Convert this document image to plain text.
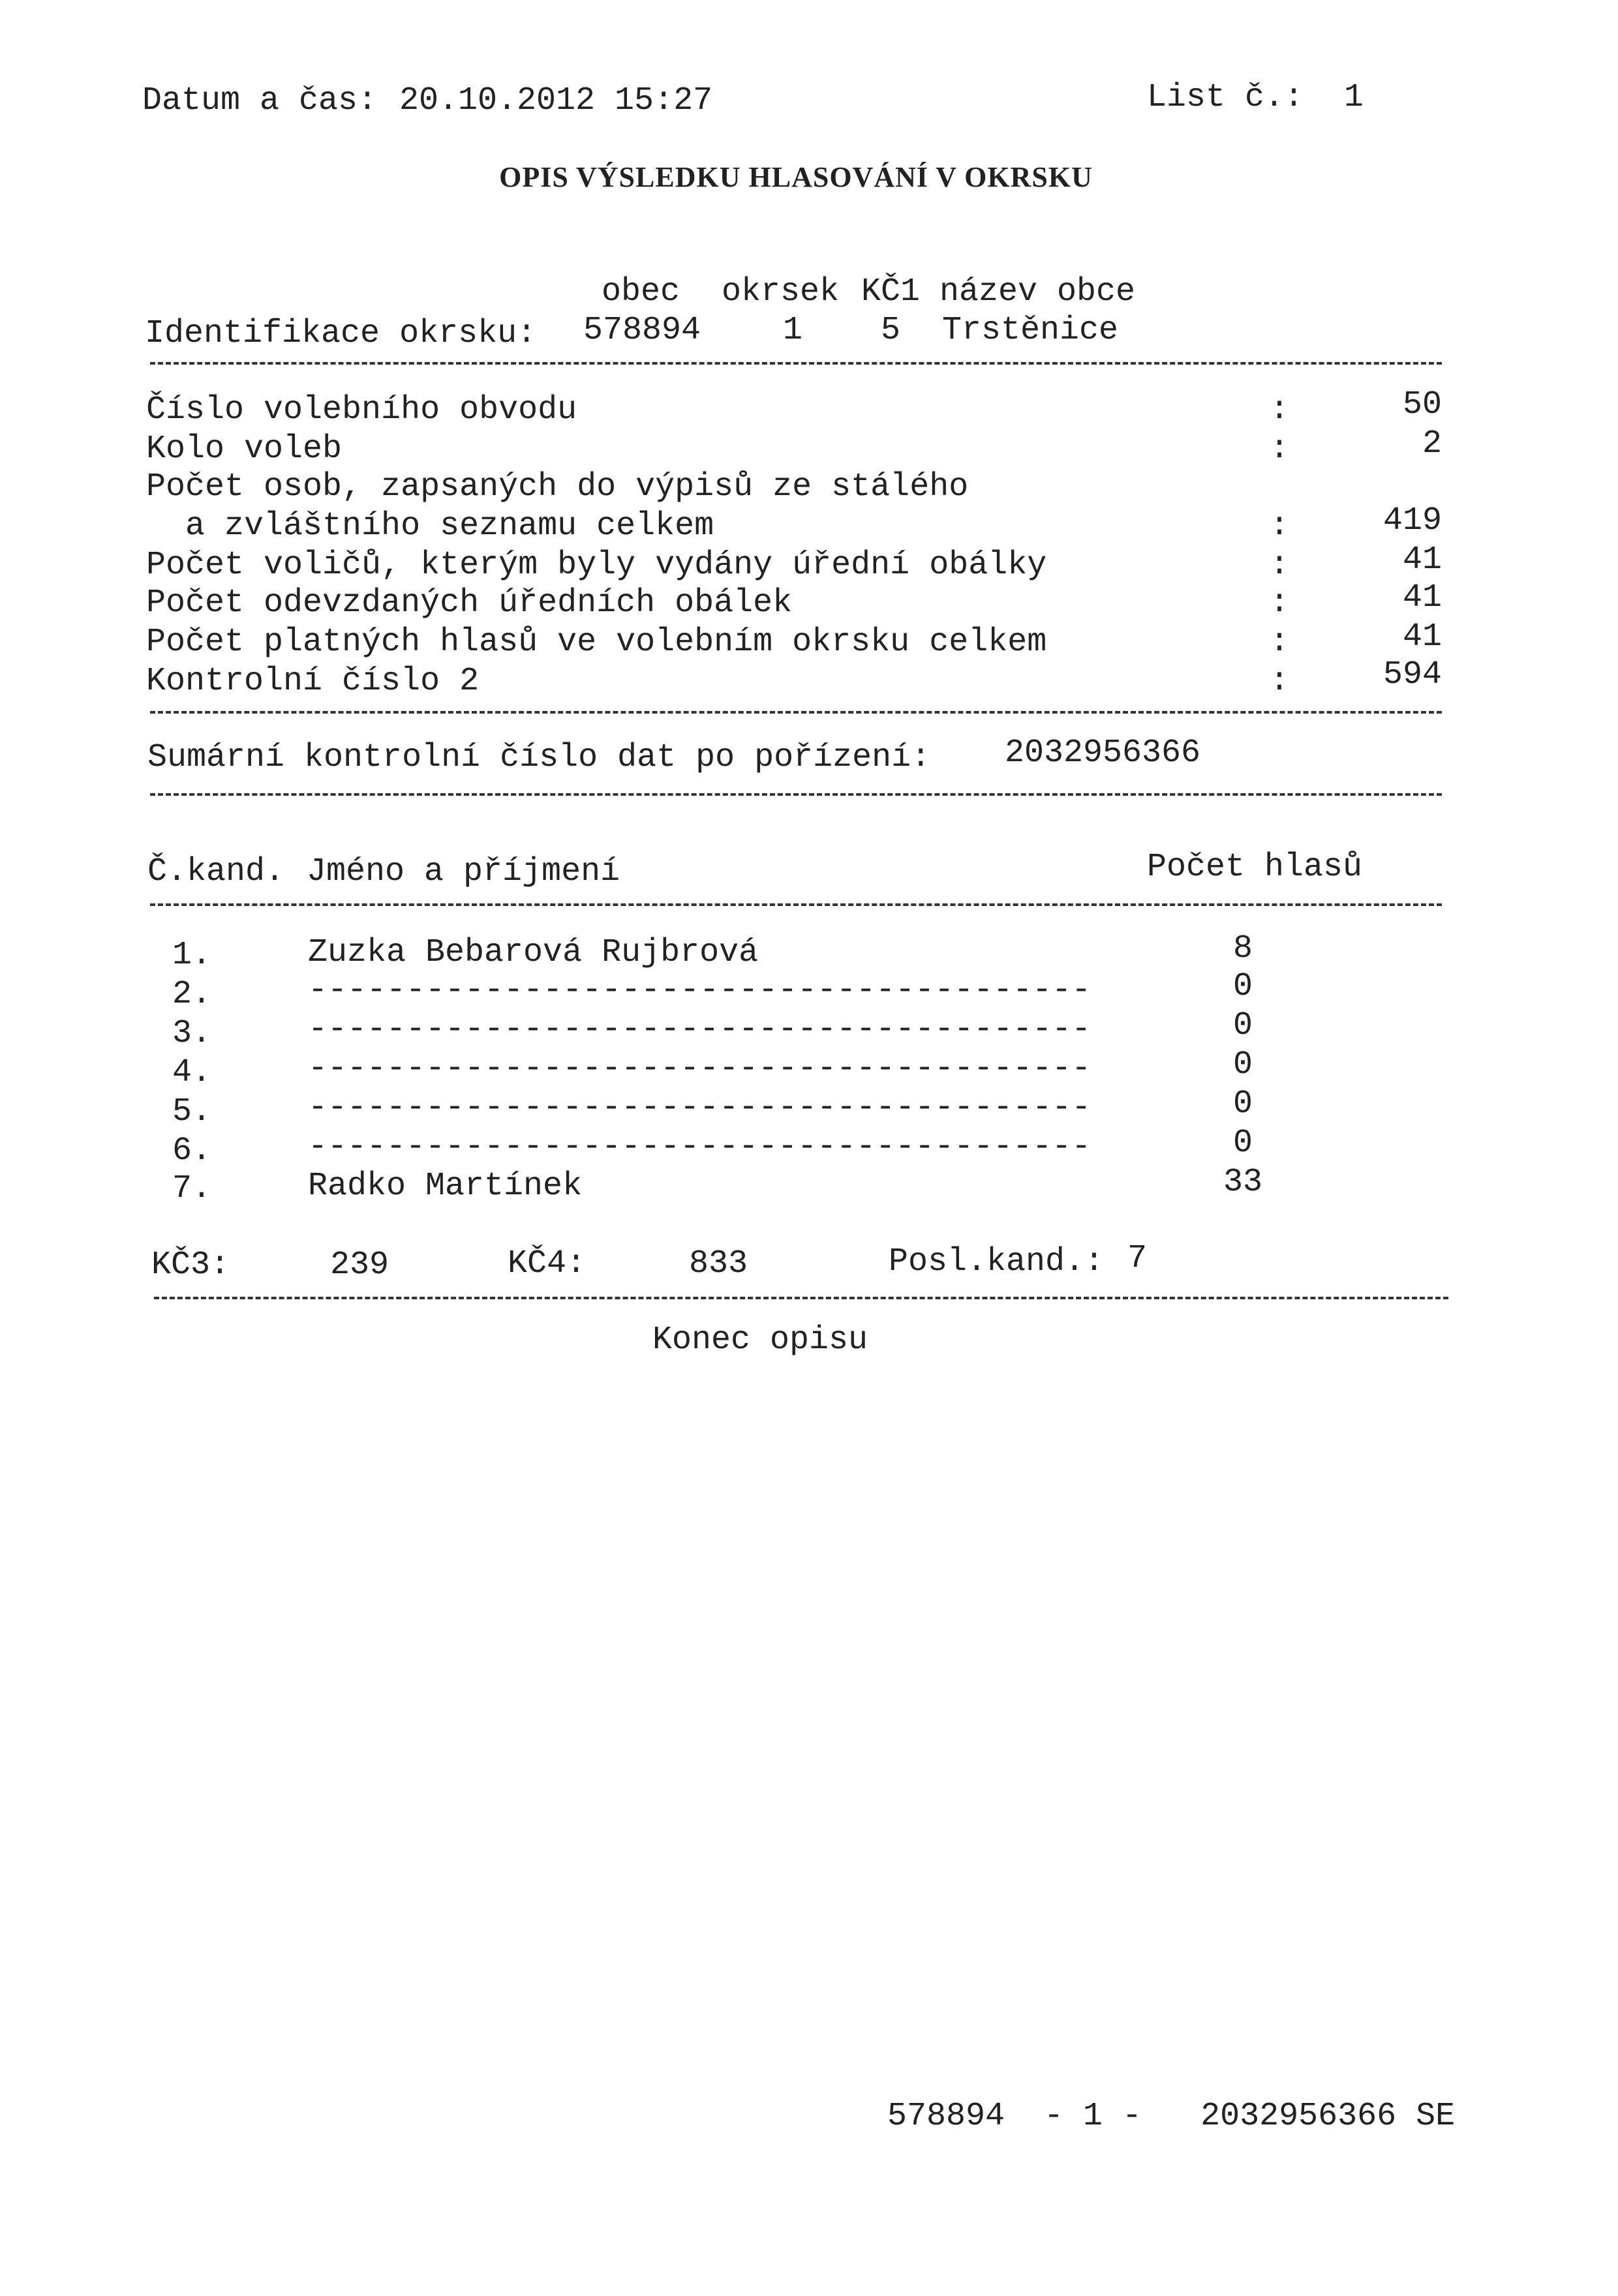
Datum a čas: 20.10.2012 15:27	List č.: 1
OPIS VÝSLEDKU HLASOVÁNÍ V OKRSKU
obec okrsek KČ1 název obce
Identifikace okrsku: 578894	1 5 Trstěnice
Číslo volebního obvodu	:	50
Kolo voleb	:	2
Počet osob, zapsaných do výpisů ze stálého
a zvláštního seznamu celkem	:	419
Počet voličů, kterým byly vydány úřední obálky	:	41
Počet odevzdaných úředních obálek	:	41
Počet platných hlasů ve volebním okrsku celkem	:	41
Kontrolní číslo 2	:	594
Sumární kontrolní číslo dat po pořízení: 2032956366
Č.kand. Jméno a příjmení	Počet hlasů
1.	Zuzka Bebarová Rujbrová	8
2.	----------------------------------------	0
3.	----------------------------------------	0
4.	----------------------------------------	0
5.	----------------------------------------	0
6.	----------------------------------------	0
7.	Radko Martínek	33
KČ3:	239	KČ4:	833	Posl.kand.: 7
Konec opisu
578894  - 1 -   2032956366 SE
